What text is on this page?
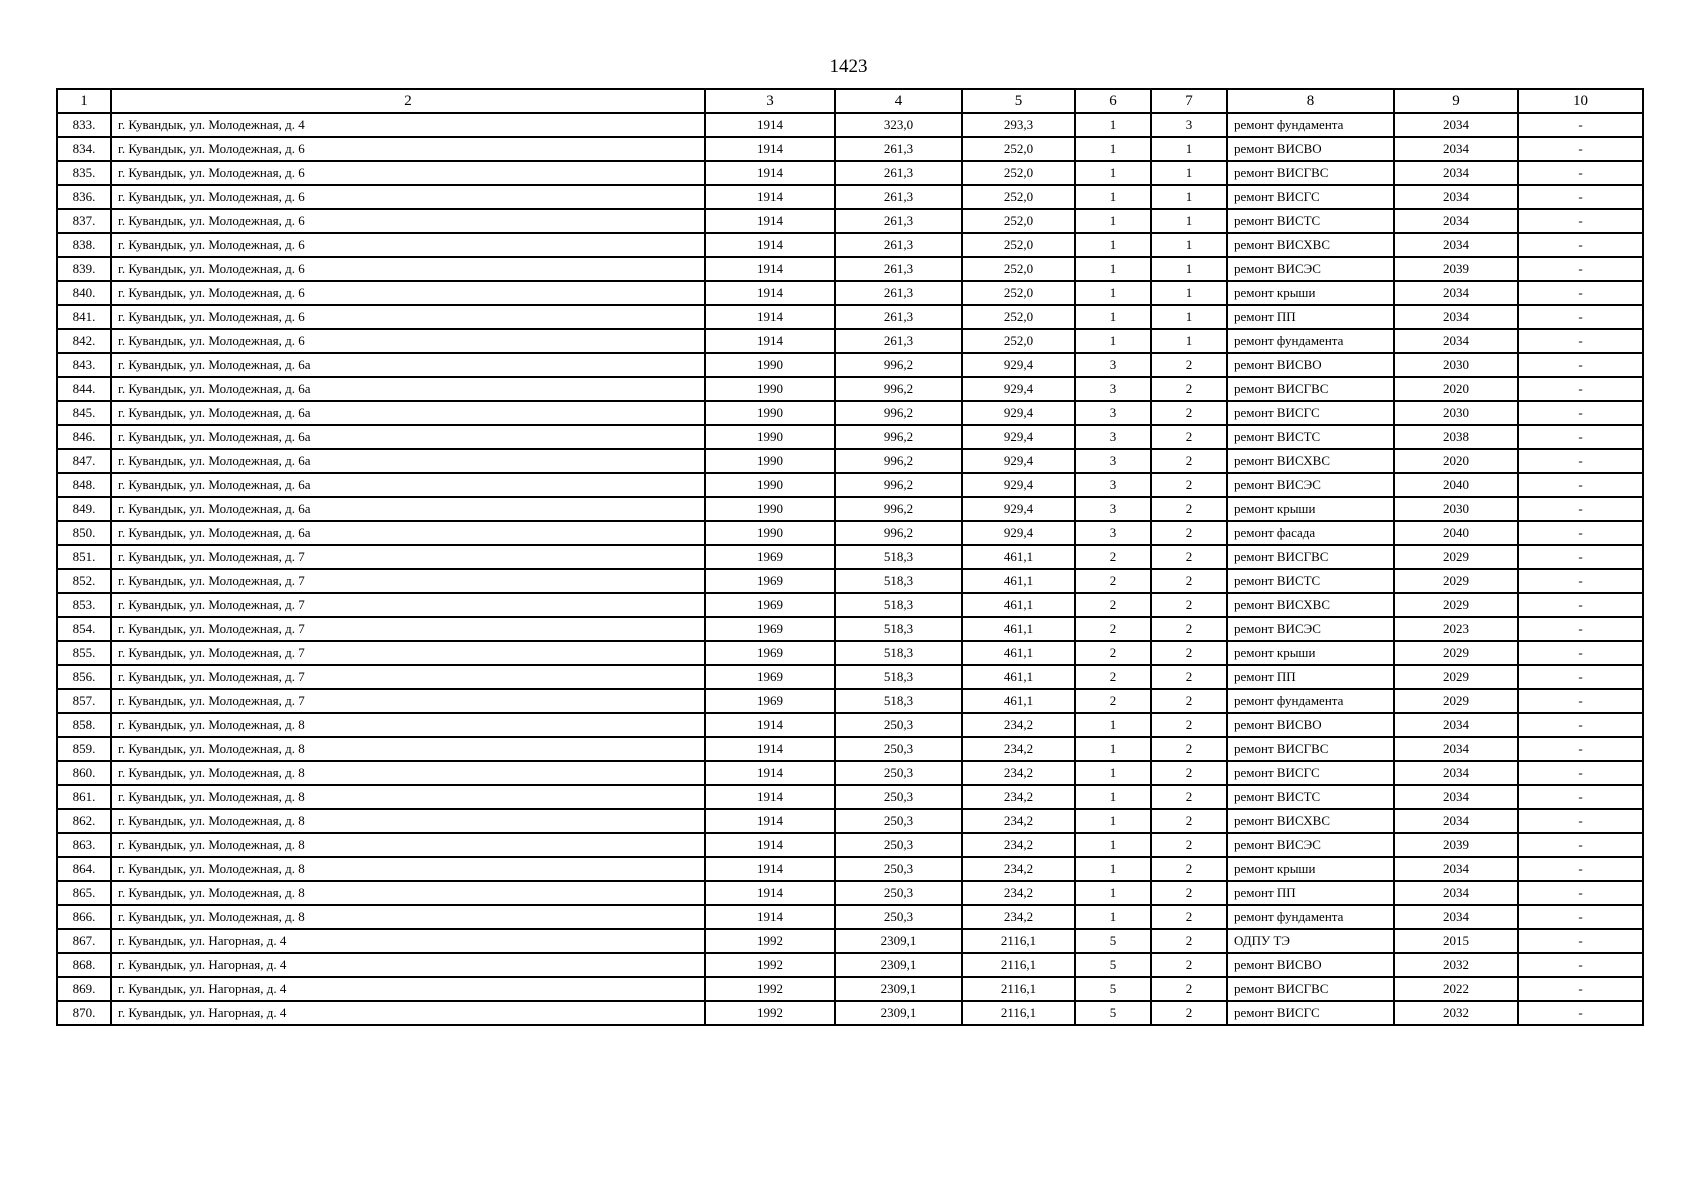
1423
1	2	3	4	5	6	7	8	9	10
833.	г. Кувандык, ул. Молодежная, д. 4	1914	323,0	293,3	1	3	ремонт фундамента	2034	-
834.	г. Кувандык, ул. Молодежная, д. 6	1914	261,3	252,0	1	1	ремонт ВИСВО	2034	-
835.	г. Кувандык, ул. Молодежная, д. 6	1914	261,3	252,0	1	1	ремонт ВИСГВС	2034	-
836.	г. Кувандык, ул. Молодежная, д. 6	1914	261,3	252,0	1	1	ремонт ВИСГС	2034	-
837.	г. Кувандык, ул. Молодежная, д. 6	1914	261,3	252,0	1	1	ремонт ВИСТС	2034	-
838.	г. Кувандык, ул. Молодежная, д. 6	1914	261,3	252,0	1	1	ремонт ВИСХВС	2034	-
839.	г. Кувандык, ул. Молодежная, д. 6	1914	261,3	252,0	1	1	ремонт ВИСЭС	2039	-
840.	г. Кувандык, ул. Молодежная, д. 6	1914	261,3	252,0	1	1	ремонт крыши	2034	-
841.	г. Кувандык, ул. Молодежная, д. 6	1914	261,3	252,0	1	1	ремонт ПП	2034	-
842.	г. Кувандык, ул. Молодежная, д. 6	1914	261,3	252,0	1	1	ремонт фундамента	2034	-
843.	г. Кувандык, ул. Молодежная, д. 6а	1990	996,2	929,4	3	2	ремонт ВИСВО	2030	-
844.	г. Кувандык, ул. Молодежная, д. 6а	1990	996,2	929,4	3	2	ремонт ВИСГВС	2020	-
845.	г. Кувандык, ул. Молодежная, д. 6а	1990	996,2	929,4	3	2	ремонт ВИСГС	2030	-
846.	г. Кувандык, ул. Молодежная, д. 6а	1990	996,2	929,4	3	2	ремонт ВИСТС	2038	-
847.	г. Кувандык, ул. Молодежная, д. 6а	1990	996,2	929,4	3	2	ремонт ВИСХВС	2020	-
848.	г. Кувандык, ул. Молодежная, д. 6а	1990	996,2	929,4	3	2	ремонт ВИСЭС	2040	-
849.	г. Кувандык, ул. Молодежная, д. 6а	1990	996,2	929,4	3	2	ремонт крыши	2030	-
850.	г. Кувандык, ул. Молодежная, д. 6а	1990	996,2	929,4	3	2	ремонт фасада	2040	-
851.	г. Кувандык, ул. Молодежная, д. 7	1969	518,3	461,1	2	2	ремонт ВИСГВС	2029	-
852.	г. Кувандык, ул. Молодежная, д. 7	1969	518,3	461,1	2	2	ремонт ВИСТС	2029	-
853.	г. Кувандык, ул. Молодежная, д. 7	1969	518,3	461,1	2	2	ремонт ВИСХВС	2029	-
854.	г. Кувандык, ул. Молодежная, д. 7	1969	518,3	461,1	2	2	ремонт ВИСЭС	2023	-
855.	г. Кувандык, ул. Молодежная, д. 7	1969	518,3	461,1	2	2	ремонт крыши	2029	-
856.	г. Кувандык, ул. Молодежная, д. 7	1969	518,3	461,1	2	2	ремонт ПП	2029	-
857.	г. Кувандык, ул. Молодежная, д. 7	1969	518,3	461,1	2	2	ремонт фундамента	2029	-
858.	г. Кувандык, ул. Молодежная, д. 8	1914	250,3	234,2	1	2	ремонт ВИСВО	2034	-
859.	г. Кувандык, ул. Молодежная, д. 8	1914	250,3	234,2	1	2	ремонт ВИСГВС	2034	-
860.	г. Кувандык, ул. Молодежная, д. 8	1914	250,3	234,2	1	2	ремонт ВИСГС	2034	-
861.	г. Кувандык, ул. Молодежная, д. 8	1914	250,3	234,2	1	2	ремонт ВИСТС	2034	-
862.	г. Кувандык, ул. Молодежная, д. 8	1914	250,3	234,2	1	2	ремонт ВИСХВС	2034	-
863.	г. Кувандык, ул. Молодежная, д. 8	1914	250,3	234,2	1	2	ремонт ВИСЭС	2039	-
864.	г. Кувандык, ул. Молодежная, д. 8	1914	250,3	234,2	1	2	ремонт крыши	2034	-
865.	г. Кувандык, ул. Молодежная, д. 8	1914	250,3	234,2	1	2	ремонт ПП	2034	-
866.	г. Кувандык, ул. Молодежная, д. 8	1914	250,3	234,2	1	2	ремонт фундамента	2034	-
867.	г. Кувандык, ул. Нагорная, д. 4	1992	2309,1	2116,1	5	2	ОДПУ ТЭ	2015	-
868.	г. Кувандык, ул. Нагорная, д. 4	1992	2309,1	2116,1	5	2	ремонт ВИСВО	2032	-
869.	г. Кувандык, ул. Нагорная, д. 4	1992	2309,1	2116,1	5	2	ремонт ВИСГВС	2022	-
870.	г. Кувандык, ул. Нагорная, д. 4	1992	2309,1	2116,1	5	2	ремонт ВИСГС	2032	-
